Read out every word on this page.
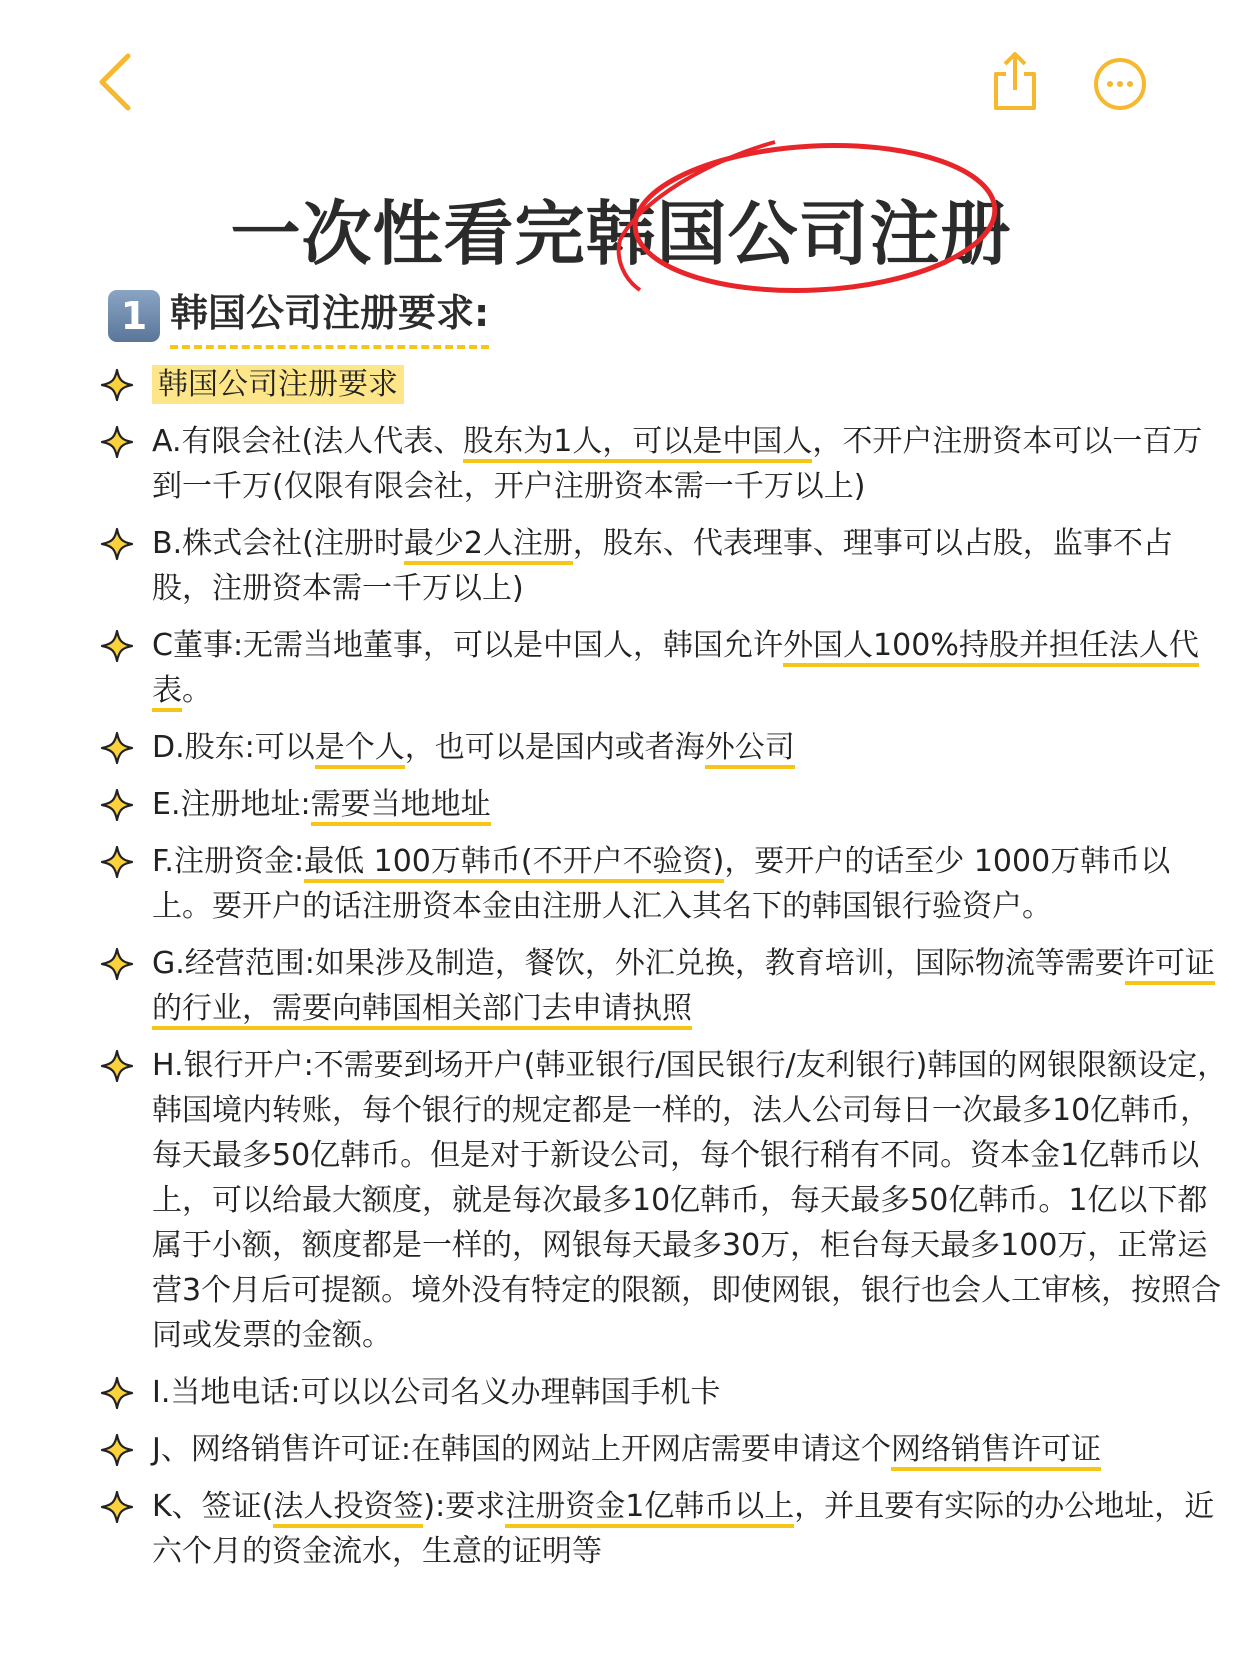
一次性看完韩国公司注册
1 韩国公司注册要求:
韩国公司注册要求
A.有限会社(法人代表、股东为1人，可以是中国人，不开户注册资本可以一百万到一千万(仅限有限会社，开户注册资本需一千万以上)
B.株式会社(注册时最少2人注册，股东、代表理事、理事可以占股，监事不占股，注册资本需一千万以上)
C董事:无需当地董事，可以是中国人，韩国允许外国人100%持股并担任法人代表。
D.股东:可以是个人，也可以是国内或者海外公司
E.注册地址:需要当地地址
F.注册资金:最低 100万韩币(不开户不验资)，要开户的话至少 1000万韩币以上。要开户的话注册资本金由注册人汇入其名下的韩国银行验资户。
G.经营范围:如果涉及制造，餐饮，外汇兑换，教育培训，国际物流等需要许可证的行业，需要向韩国相关部门去申请执照
H.银行开户:不需要到场开户(韩亚银行/国民银行/友利银行)韩国的网银限额设定，韩国境内转账，每个银行的规定都是一样的，法人公司每日一次最多10亿韩币，每天最多50亿韩币。但是对于新设公司，每个银行稍有不同。资本金1亿韩币以上，可以给最大额度，就是每次最多10亿韩币，每天最多50亿韩币。1亿以下都属于小额，额度都是一样的，网银每天最多30万，柜台每天最多100万，正常运营3个月后可提额。境外没有特定的限额，即使网银，银行也会人工审核，按照合同或发票的金额。
I.当地电话:可以以公司名义办理韩国手机卡
J、网络销售许可证:在韩国的网站上开网店需要申请这个网络销售许可证
K、签证(法人投资签):要求注册资金1亿韩币以上，并且要有实际的办公地址，近六个月的资金流水，生意的证明等
